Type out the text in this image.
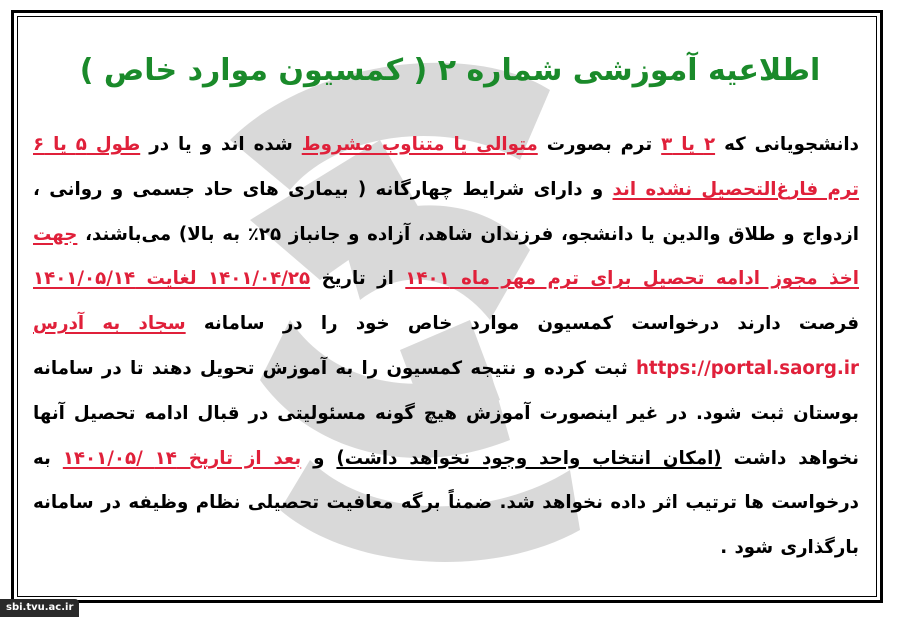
اطلاعیه آموزشی شماره ۲ ( کمسیون موارد خاص )
دانشجویانی که ۲ یا ۳ ترم بصورت متوالی یا متناوب مشروط شده اند و یا در طول ۵ یا ۶ ترم فارغ‌التحصیل نشده اند و دارای شرایط چهارگانه ( بیماری های حاد جسمی و روانی ، ازدواج و طلاق والدین یا دانشجو، فرزندان شاهد، آزاده و جانباز ۲۵٪ به بالا) می‌باشند، جهت اخذ مجوز ادامه تحصیل برای ترم مهر ماه ۱۴۰۱ از تاریخ ۱۴۰۱/۰۴/۲۵ لغایت ۱۴۰۱/۰۵/۱۴ فرصت دارند درخواست کمسیون موارد خاص خود را در سامانه سجاد به آدرس https://portal.saorg.ir ثبت کرده و نتیجه کمسیون را به آموزش تحویل دهند تا در سامانه بوستان ثبت شود. در غیر اینصورت آموزش هیچ گونه مسئولیتی در قبال ادامه تحصیل آنها نخواهد داشت (امکان انتخاب واحد وجود نخواهد داشت) و بعد از تاریخ ۱۴ /۱۴۰۱/۰۵ به درخواست ها ترتیب اثر داده نخواهد شد. ضمناً برگه معافیت تحصیلی نظام وظیفه در سامانه بارگذاری شود .
sbi.tvu.ac.ir
